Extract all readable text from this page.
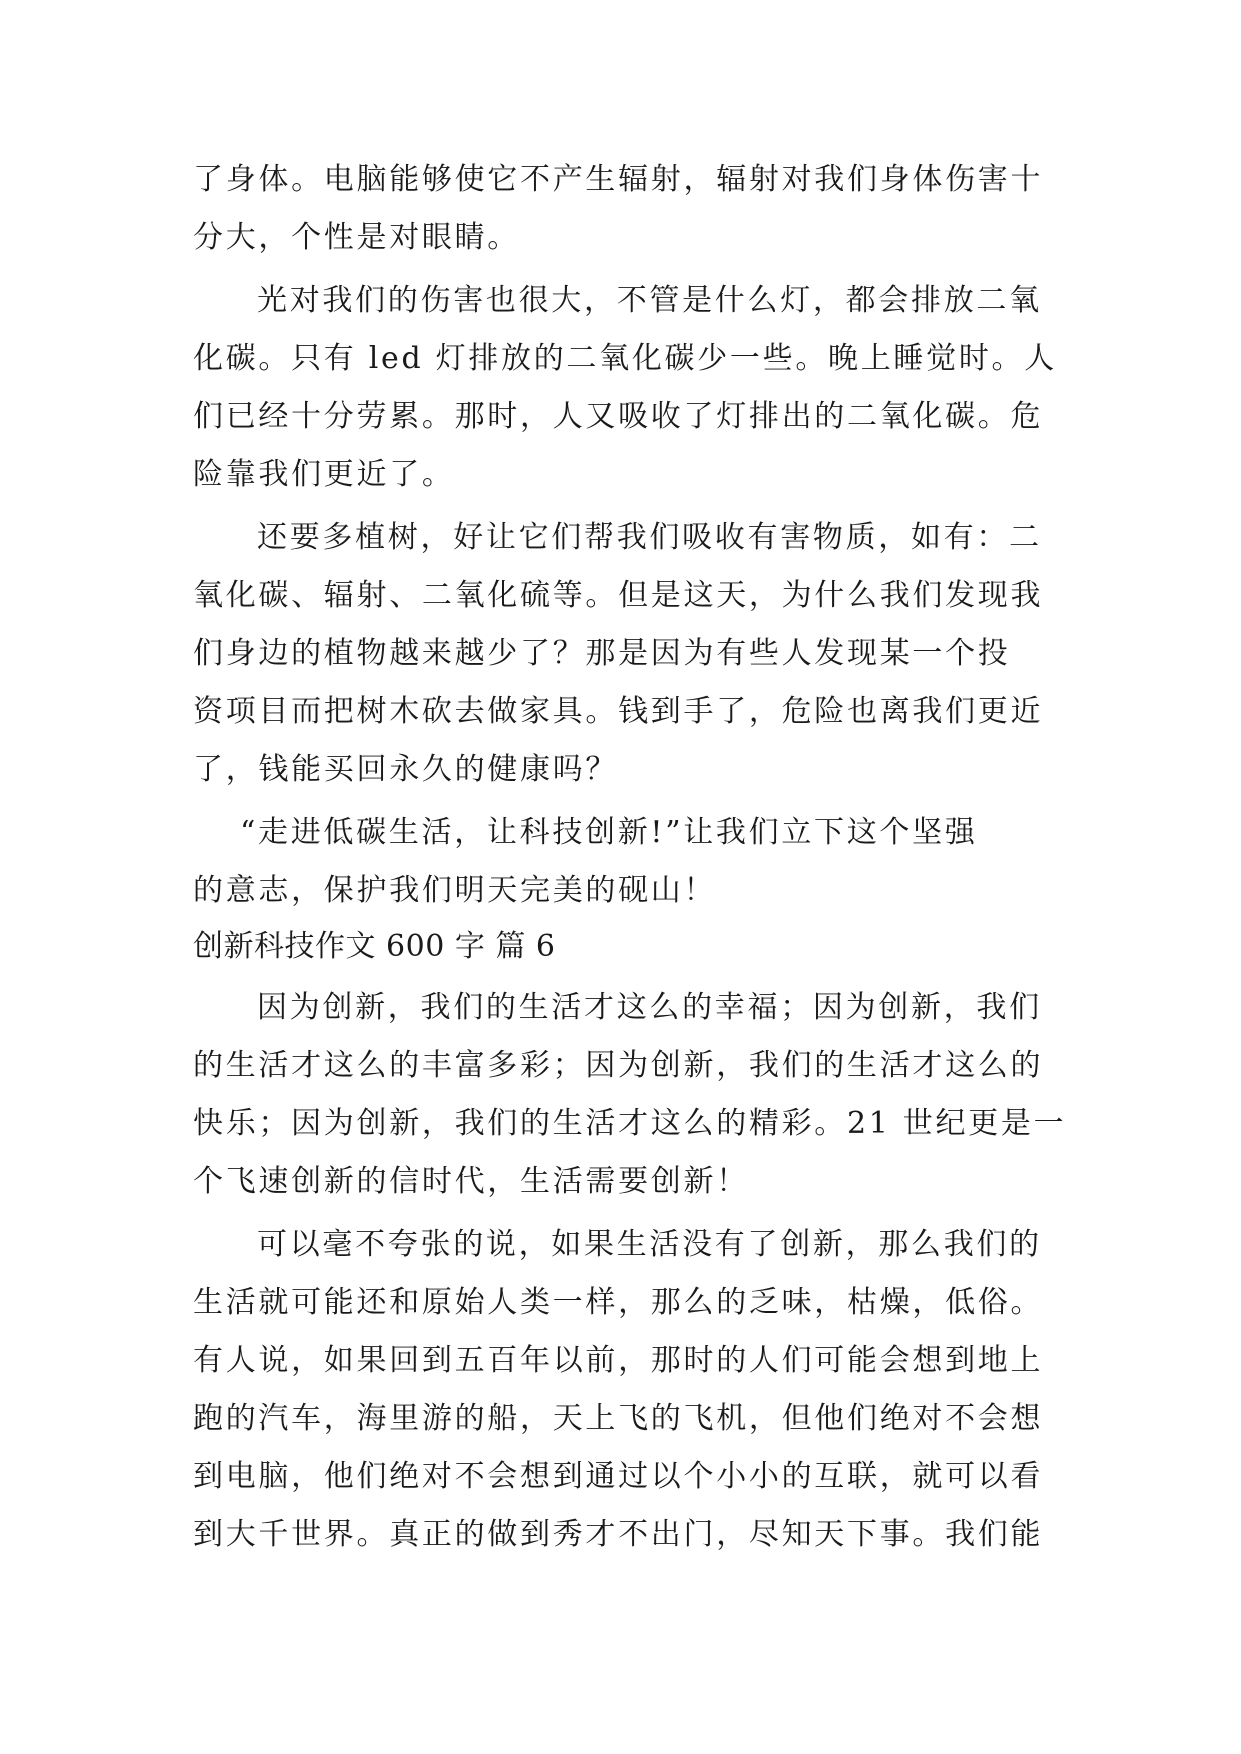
了身体。电脑能够使它不产生辐射，辐射对我们身体伤害十
分大，个性是对眼睛。
光对我们的伤害也很大，不管是什么灯，都会排放二氧
化碳。只有 led 灯排放的二氧化碳少一些。晚上睡觉时。人
们已经十分劳累。那时，人又吸收了灯排出的二氧化碳。危
险靠我们更近了。
还要多植树，好让它们帮我们吸收有害物质，如有：二
氧化碳、辐射、二氧化硫等。但是这天，为什么我们发现我
们身边的植物越来越少了？那是因为有些人发现某一个投
资项目而把树木砍去做家具。钱到手了，危险也离我们更近
了，钱能买回永久的健康吗？
“走进低碳生活，让科技创新!”让我们立下这个坚强
的意志，保护我们明天完美的砚山！
创新科技作文 600 字 篇 6
因为创新，我们的生活才这么的幸福；因为创新，我们
的生活才这么的丰富多彩；因为创新，我们的生活才这么的
快乐；因为创新，我们的生活才这么的精彩。21 世纪更是一
个飞速创新的信时代，生活需要创新！
可以毫不夸张的说，如果生活没有了创新，那么我们的
生活就可能还和原始人类一样，那么的乏味，枯燥，低俗。
有人说，如果回到五百年以前，那时的人们可能会想到地上
跑的汽车，海里游的船，天上飞的飞机，但他们绝对不会想
到电脑，他们绝对不会想到通过以个小小的互联，就可以看
到大千世界。真正的做到秀才不出门，尽知天下事。我们能
